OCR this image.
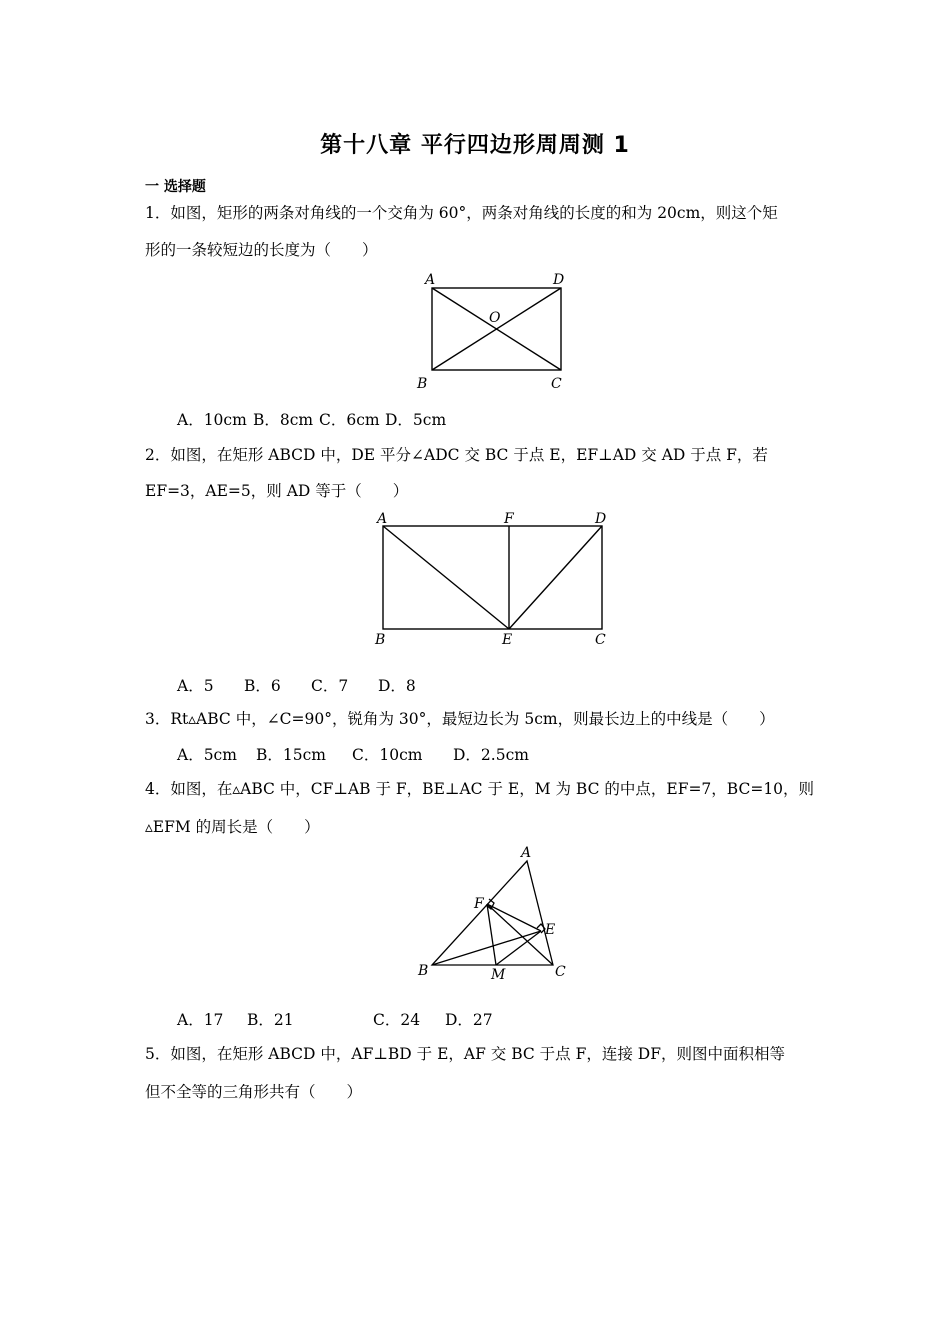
第十八章 平行四边形周周测 1
一 选择题
1．如图，矩形的两条对角线的一个交角为 60°，两条对角线的长度的和为 20cm，则这个矩
形的一条较短边的长度为（　　）
A	D
O
B	C
A．10cm B．8cm C．6cm D．5cm
2．如图，在矩形 ABCD 中，DE 平分∠ADC 交 BC 于点 E，EF⊥AD 交 AD 于点 F，若
EF=3，AE=5，则 AD 等于（　　）
A	F	D
B	E	C
A．5 B．6 C．7 D．8
3．Rt▵ABC 中，∠C=90°，锐角为 30°，最短边长为 5cm，则最长边上的中线是（　　）
A．5cm B．15cm C．10cm D．2.5cm
4．如图，在▵ABC 中，CF⊥AB 于 F，BE⊥AC 于 E，M 为 BC 的中点，EF=7，BC=10，则
▵EFM 的周长是（　　）
A
F
E
B	M	C
A．17 B．21	C．24 D．27
5．如图，在矩形 ABCD 中，AF⊥BD 于 E，AF 交 BC 于点 F，连接 DF，则图中面积相等
但不全等的三角形共有（　　）
